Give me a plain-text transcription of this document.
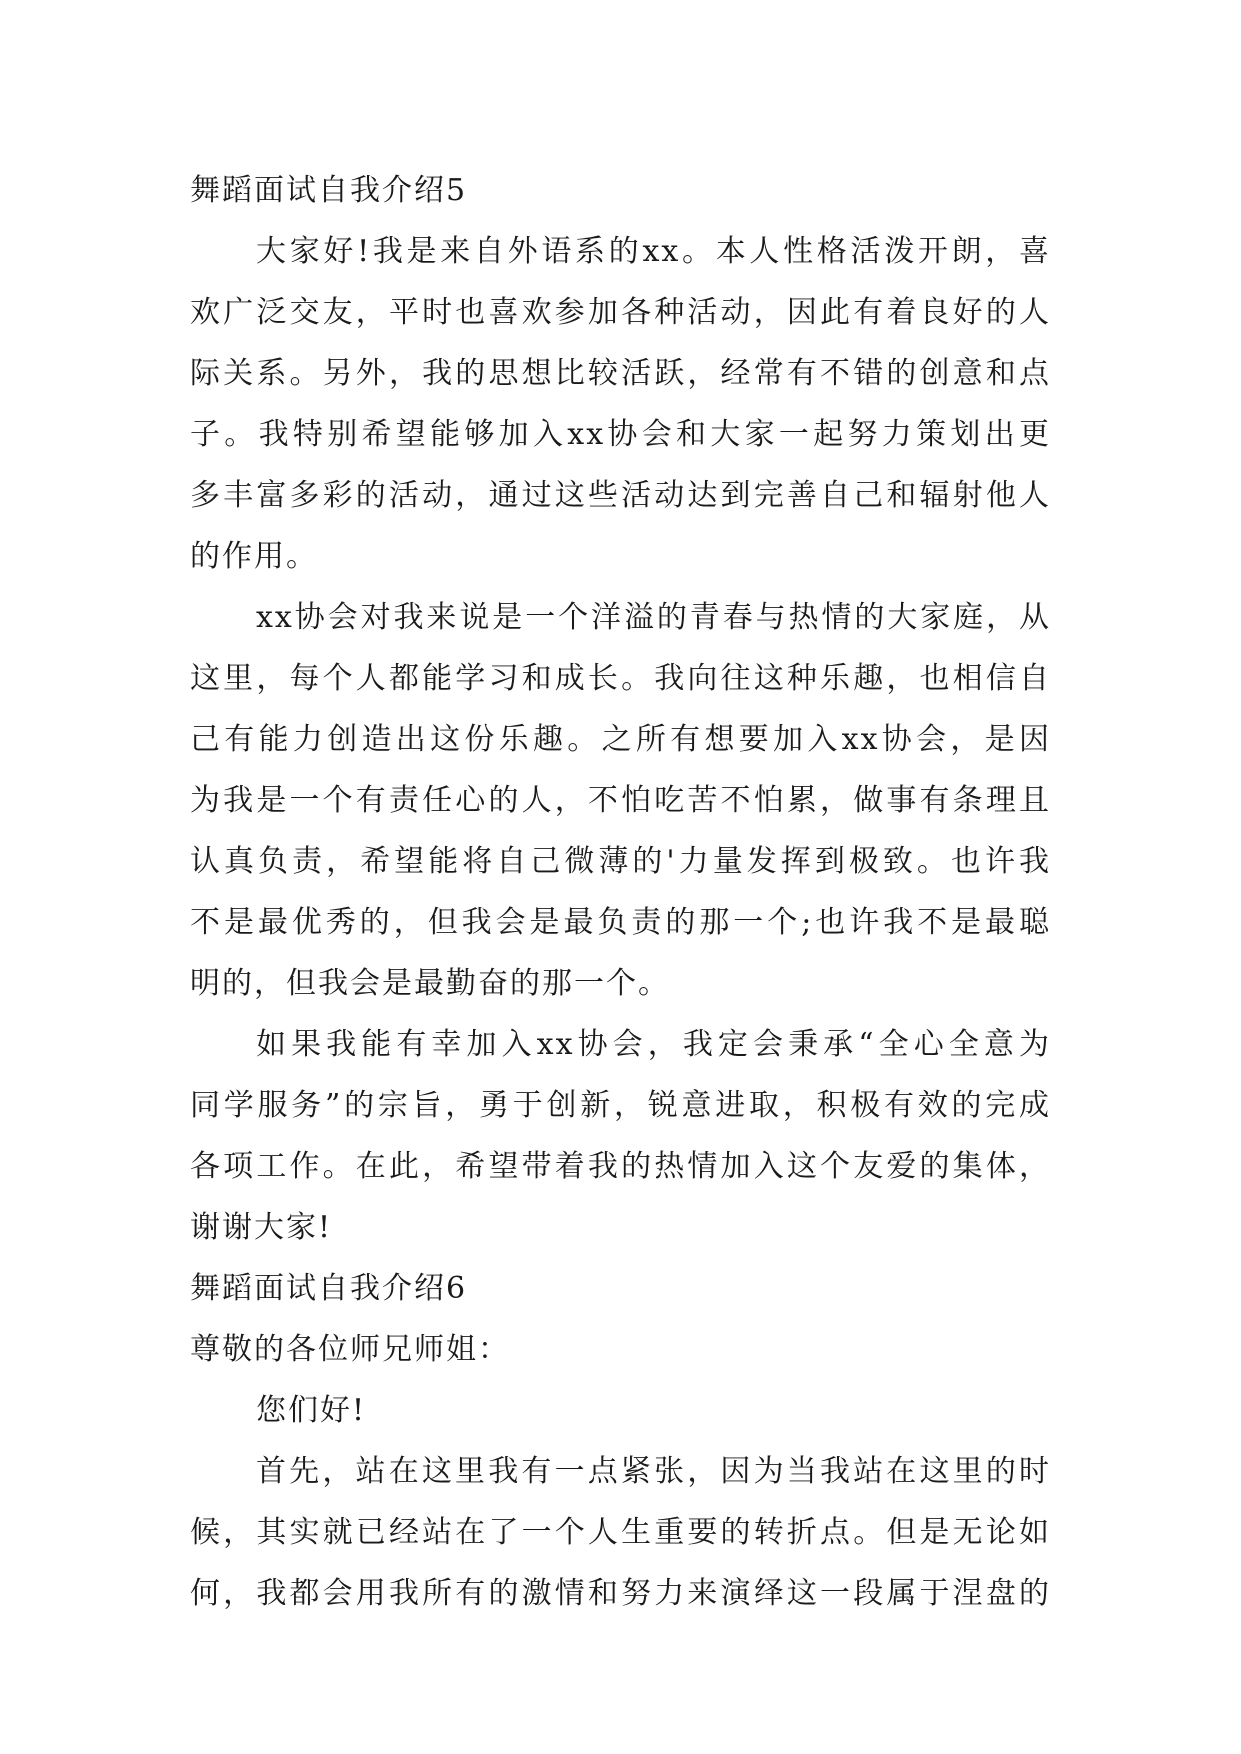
舞蹈面试自我介绍5
大家好!我是来自外语系的xx。本人性格活泼开朗，喜
欢广泛交友，平时也喜欢参加各种活动，因此有着良好的人
际关系。另外，我的思想比较活跃，经常有不错的创意和点
子。我特别希望能够加入xx协会和大家一起努力策划出更
多丰富多彩的活动，通过这些活动达到完善自己和辐射他人
的作用。
xx协会对我来说是一个洋溢的青春与热情的大家庭，从
这里，每个人都能学习和成长。我向往这种乐趣，也相信自
己有能力创造出这份乐趣。之所有想要加入xx协会，是因
为我是一个有责任心的人，不怕吃苦不怕累，做事有条理且
认真负责，希望能将自己微薄的'力量发挥到极致。也许我
不是最优秀的，但我会是最负责的那一个;也许我不是最聪
明的，但我会是最勤奋的那一个。
如果我能有幸加入xx协会，我定会秉承“全心全意为
同学服务”的宗旨，勇于创新，锐意进取，积极有效的完成
各项工作。在此，希望带着我的热情加入这个友爱的集体，
谢谢大家!
舞蹈面试自我介绍6
尊敬的各位师兄师姐：
您们好!
首先，站在这里我有一点紧张，因为当我站在这里的时
候，其实就已经站在了一个人生重要的转折点。但是无论如
何，我都会用我所有的激情和努力来演绎这一段属于涅盘的
